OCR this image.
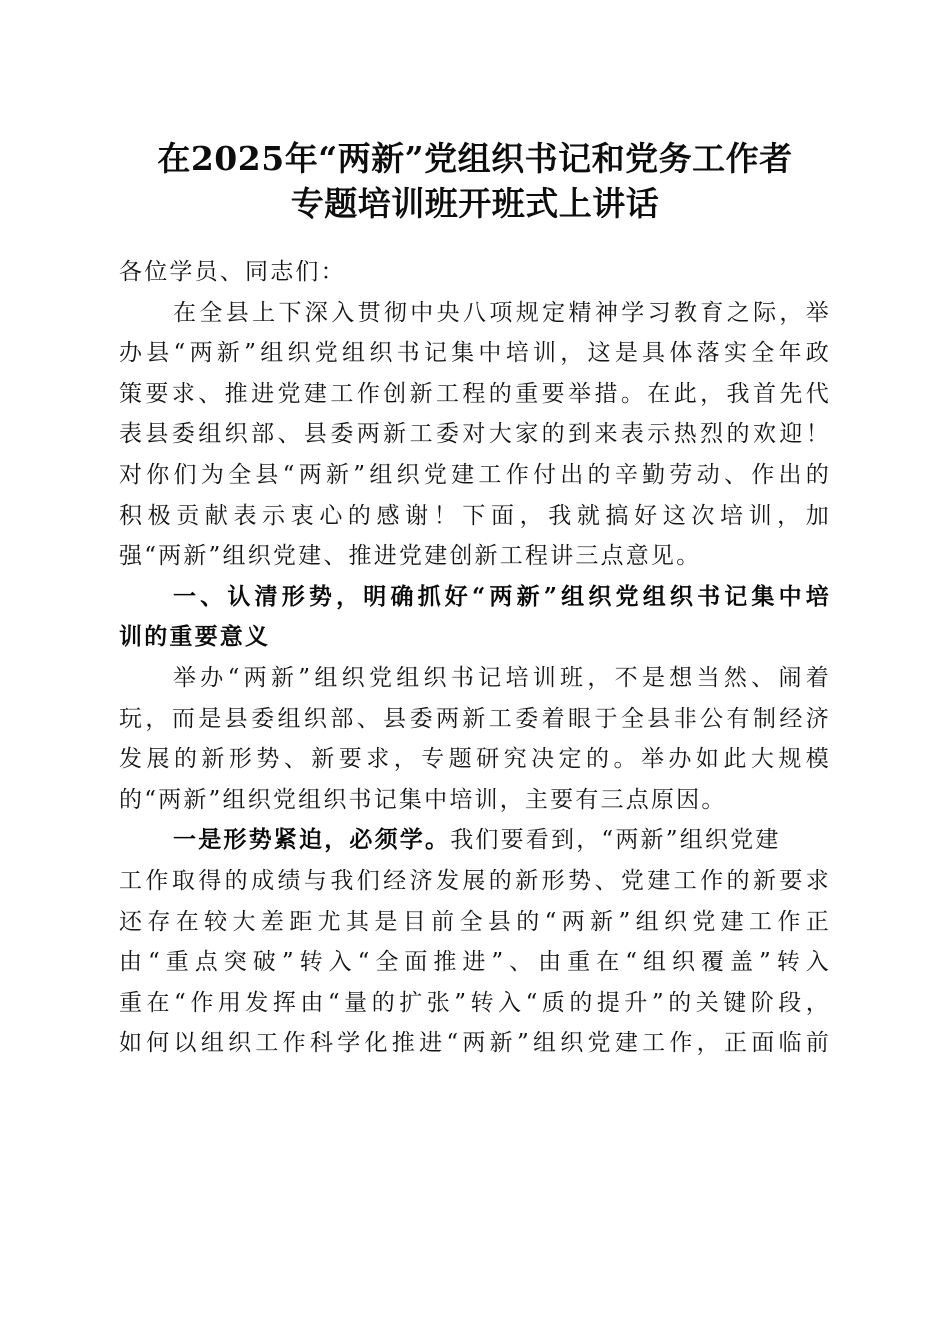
在2025年“两新”党组织书记和党务工作者
专题培训班开班式上讲话
各位学员、同志们：
在全县上下深入贯彻中央八项规定精神学习教育之际，举
办县“两新”组织党组织书记集中培训，这是具体落实全年政
策要求、推进党建工作创新工程的重要举措。在此，我首先代
表县委组织部、县委两新工委对大家的到来表示热烈的欢迎！
对你们为全县“两新”组织党建工作付出的辛勤劳动、作出的
积极贡献表示衷心的感谢！下面，我就搞好这次培训，加
强“两新”组织党建、推进党建创新工程讲三点意见。
一、认清形势，明确抓好“两新”组织党组织书记集中培
训的重要意义
举办“两新”组织党组织书记培训班，不是想当然、闹着
玩，而是县委组织部、县委两新工委着眼于全县非公有制经济
发展的新形势、新要求，专题研究决定的。举办如此大规模
的“两新”组织党组织书记集中培训，主要有三点原因。
一是形势紧迫，必须学。我们要看到，“两新”组织党建
工作取得的成绩与我们经济发展的新形势、党建工作的新要求
还存在较大差距尤其是目前全县的“两新”组织党建工作正
由“重点突破”转入“全面推进”、由重在“组织覆盖”转入
重在“作用发挥由“量的扩张”转入“质的提升”的关键阶段，
如何以组织工作科学化推进“两新”组织党建工作，正面临前
